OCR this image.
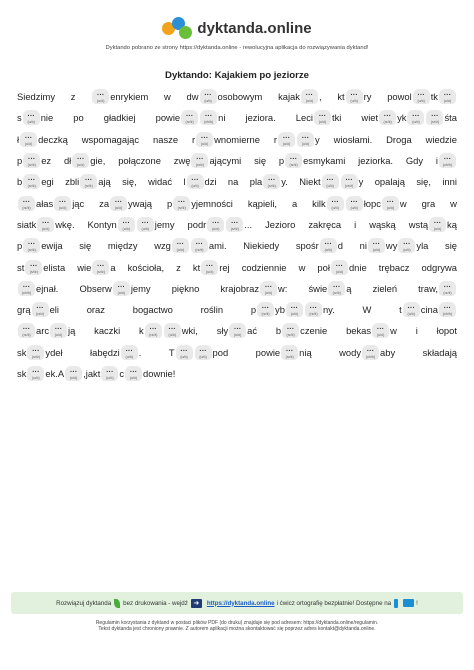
dyktanda.online
Dyktando pobrano ze strony https://dyktanda.online - rewolucyjna aplikacja do rozwiązywania dyktand!
Dyktando: Kajakiem po jeziorze
Siedzimy z	...
(u/ó) enrykiem w dw ...
(u/ó) osobowym kajak ...
(u/ó) , kt ...
(u/ó) ry powol ...
(u/ó) tk ...
(u/ó)
s ...
(u/ó) nie po gładkiej powie ...
(rz/ż)
...
(ch/h) ni jeziora. Leci ...
(u/ó) tki wiet ...
(rz/ż) yk ...
(u/ó)
...
(rz/ż) śta
ł ...
(u/ó) deczką wspomagając nasze r ...
(u/ó) wnomierne r ...
(u/ó)
...
(u/ó) y wiosłami. Droga wiedzie
p ...
(rz/ż) ez dł ...
(u/ó) gie, połączone zwę ...
(rz/ż) ającymi się p ...
(rz/ż) esmykami jeziorka. Gdy i ...
(ch/h)
b ...
(rz/ż) egi zbli ...
(rz/ż) ają się, widać l ...
(u/ó) dzi na pla ...
(rz/ż) y. Niekt ...
(u/ó)
...
(rz/ż) y opalają się, inni
...
(rz/ż) ałas ...
(u/ó) jąc za ...
(u/ó) ywają p ...
(rz/ż) yjemności kąpieli, a kilk ...
(u/ó)
...
(u/ó) łopc ...
(u/ó) w gra w
siatk ...
(u/ó) wkę. Kontyn ...
(u/ó)
...
(u/ó) jemy podr ...
(u/ó)
...
(rz/ż) ... Jezioro zakręca i wąską wstą ...
(u/ó) ką
p ...
(rz/ż) ewija się między wzg ...
(u/ó)
...
(rz/ż) ami. Niekiedy spośr ...
(u/ó) d ni ...
(u/ó) wy ...
(u/ó) yla się
st ...
(rz/ż) elista wie ...
(rz/ż) a kościoła, z kt ...
(u/ó) rej codziennie w poł ...
(u/ó) dnie trębacz odgrywa
...
(ch/h) ejnał. Obserw ...
(u/ó) jemy piękno krajobraz ...
(u/ó) w: świe ...
(rz/ż) ą zieleń traw, ...
(rz/ż)
grą ...
(rz/ż) eli	oraz	bogactwo	roślin	p ...
(rz/ż) yb ...
(u/ó)
...
(rz/ż) ny.	W	t ...
(u/ó) cina ...
(ch/h)
...
(rz/ż) arc ...
(u/ó) ją kaczki k ...
(rz/ż)
...
(u/ó) wki, sły ...
(u/ó) ać b ...
(rz/ż) czenie bekas ...
(u/ó) w i łopot
sk ...
(rz/ż) ydeł	łabędzi ...
(u/ó) .	T ...
(u/ó)
...
(u/ó) pod	powie ...
(rz/ż) nią	wody ...
(ch/h) aby	składają
sk ...
(u/ó) ek. A ...
(u/ó) , jak t ...
(u/ó) c ...
(u/ó) downie!
Rozwiązuj dyktanda bez drukowania - wejdź ➜	https://dyktanda.online i ćwicz ortografię bezpłatnie! Dostępne na	!
Regulamin korzystania z dyktand w postaci plików PDF (do druku) znajduje się pod adresem: https://dyktanda.online/regulamin.
Tekst dyktanda jest chroniony prawnie. Z autorem aplikacji można skontaktować się poprzez adres kontakt@dyktanda.online.
